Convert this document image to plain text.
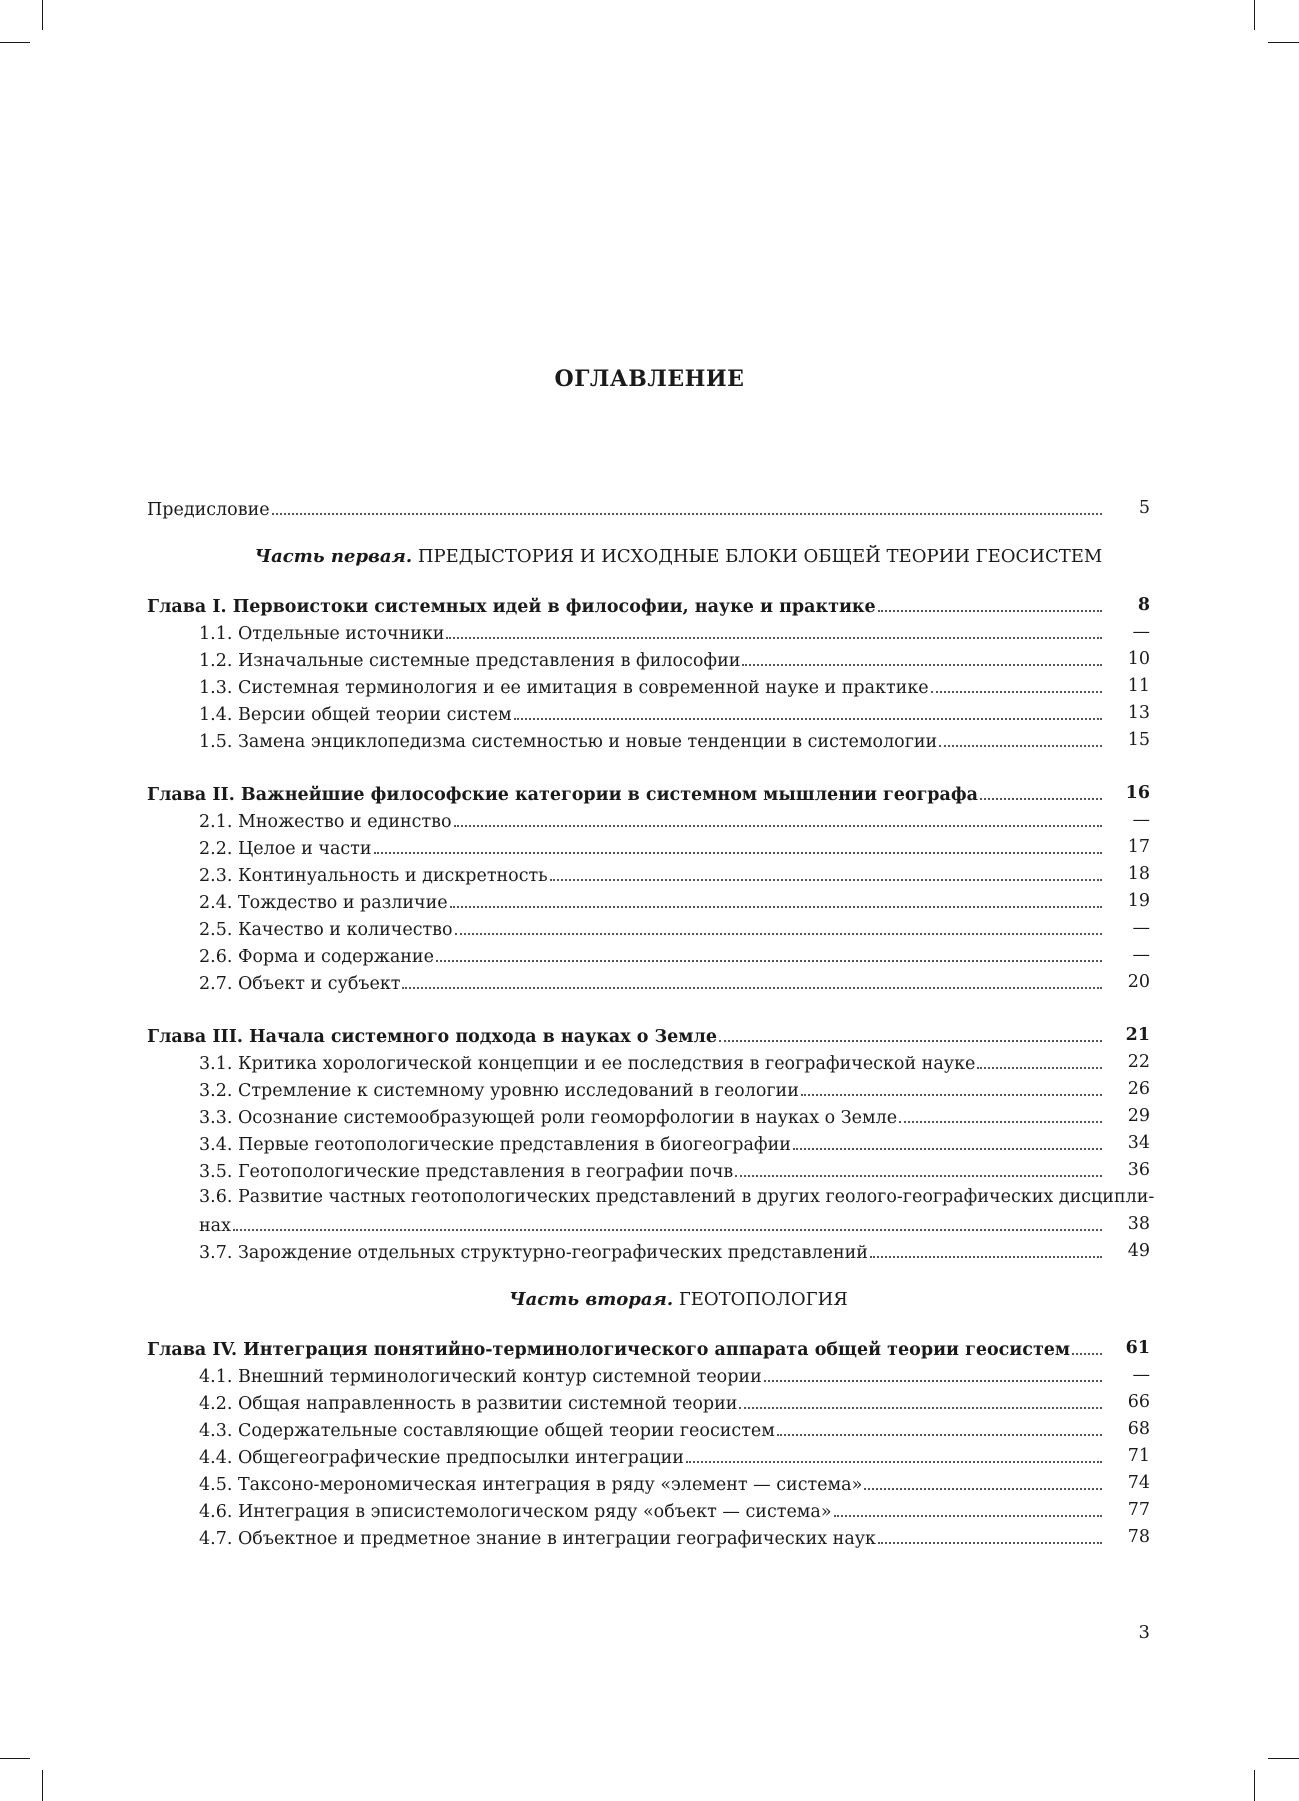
ОГЛАВЛЕНИЕ
Предисловие	5
Часть первая. ПРЕДЫСТОРИЯ И ИСХОДНЫЕ БЛОКИ ОБЩЕЙ ТЕОРИИ ГЕОСИСТЕМ
Глава I. Первоистоки системных идей в философии, науке и практике	8
1.1. Отдельные источники	—
1.2. Изначальные системные представления в философии	10
1.3. Системная терминология и ее имитация в современной науке и практике	11
1.4. Версии общей теории систем	13
1.5. Замена энциклопедизма системностью и новые тенденции в системологии	15
Глава II. Важнейшие философские категории в системном мышлении географа	16
2.1. Множество и единство	—
2.2. Целое и части	17
2.3. Континуальность и дискретность	18
2.4. Тождество и различие	19
2.5. Качество и количество	—
2.6. Форма и содержание	—
2.7. Объект и субъект	20
Глава III. Начала системного подхода в науках о Земле	21
3.1. Критика хорологической концепции и ее последствия в географической науке	22
3.2. Стремление к системному уровню исследований в геологии	26
3.3. Осознание системообразующей роли геоморфологии в науках о Земле	29
3.4. Первые геотопологические представления в биогеографии	34
3.5. Геотопологические представления в географии почв	36
3.6. Развитие частных геотопологических представлений в других геолого-географических дисципли-
нах	38
3.7. Зарождение отдельных структурно-географических представлений	49
Часть вторая. ГЕОТОПОЛОГИЯ
Глава IV. Интеграция понятийно-терминологического аппарата общей теории геосистем	61
4.1. Внешний терминологический контур системной теории	—
4.2. Общая направленность в развитии системной теории	66
4.3. Содержательные составляющие общей теории геосистем	68
4.4. Общегеографические предпосылки интеграции	71
4.5. Таксоно-мерономическая интеграция в ряду «элемент — система»	74
4.6. Интеграция в эписистемологическом ряду «объект — система»	77
4.7. Объектное и предметное знание в интеграции географических наук	78
3
